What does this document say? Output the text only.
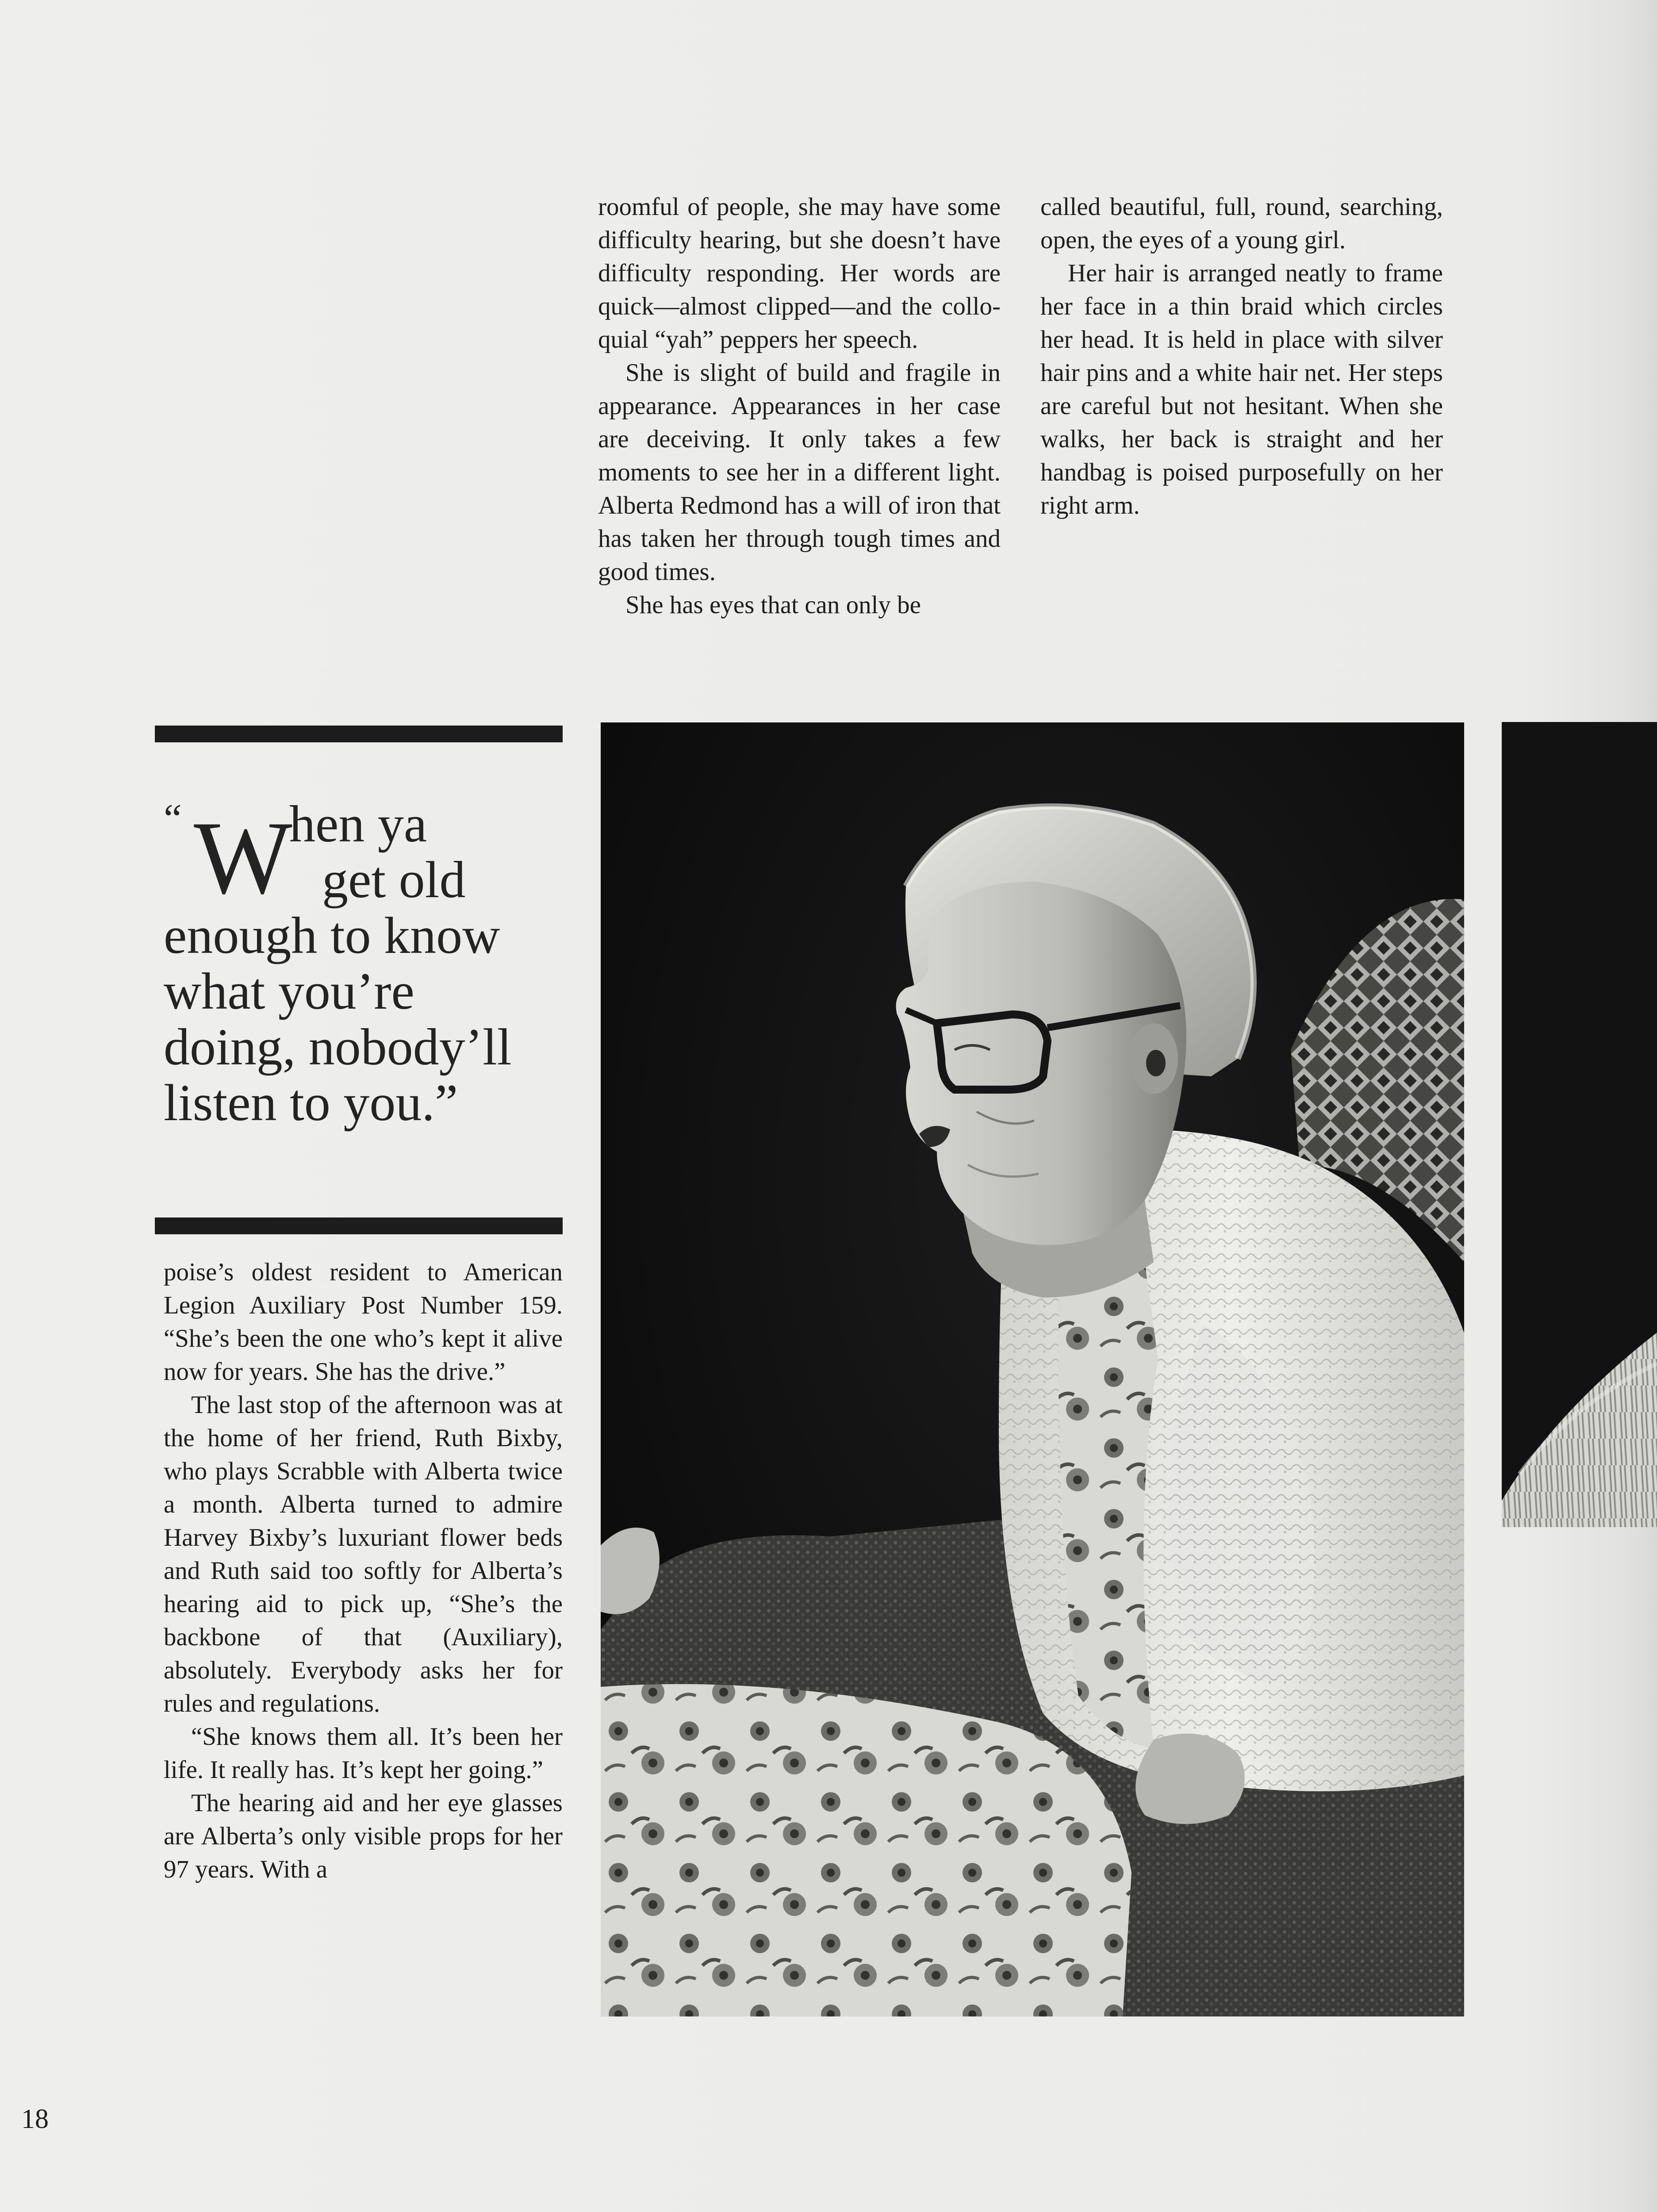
roomful of people, she may have some difficulty hearing, but she doesn’t have difficulty responding. Her words are quick—almost clipped—and the colloquial “yah” peppers her speech.

She is slight of build and fragile in appearance. Appearances in her case are deceiving. It only takes a few moments to see her in a different light. Alberta Redmond has a will of iron that has taken her through tough times and good times.

She has eyes that can only be

called beautiful, full, round, searching, open, the eyes of a young girl.

Her hair is arranged neatly to frame her face in a thin braid which circles her head. It is held in place with silver hair pins and a white hair net. Her steps are careful but not hesitant. When she walks, her back is straight and her handbag is poised purposefully on her right arm.

“ W
hen ya
get old
enough to know
what you’re
doing, nobody’ll
listen to you.”

poise’s oldest resident to American Legion Auxiliary Post Number 159. “She’s been the one who’s kept it alive now for years. She has the drive.”

The last stop of the afternoon was at the home of her friend, Ruth Bixby, who plays Scrabble with Alberta twice a month. Alberta turned to admire Harvey Bixby’s luxuriant flower beds and Ruth said too softly for Alberta’s hearing aid to pick up, “She’s the backbone of that (Auxiliary), absolutely. Everybody asks her for rules and regulations.

“She knows them all. It’s been her life. It really has. It’s kept her going.”

The hearing aid and her eye glasses are Alberta’s only visible props for her 97 years. With a

18
